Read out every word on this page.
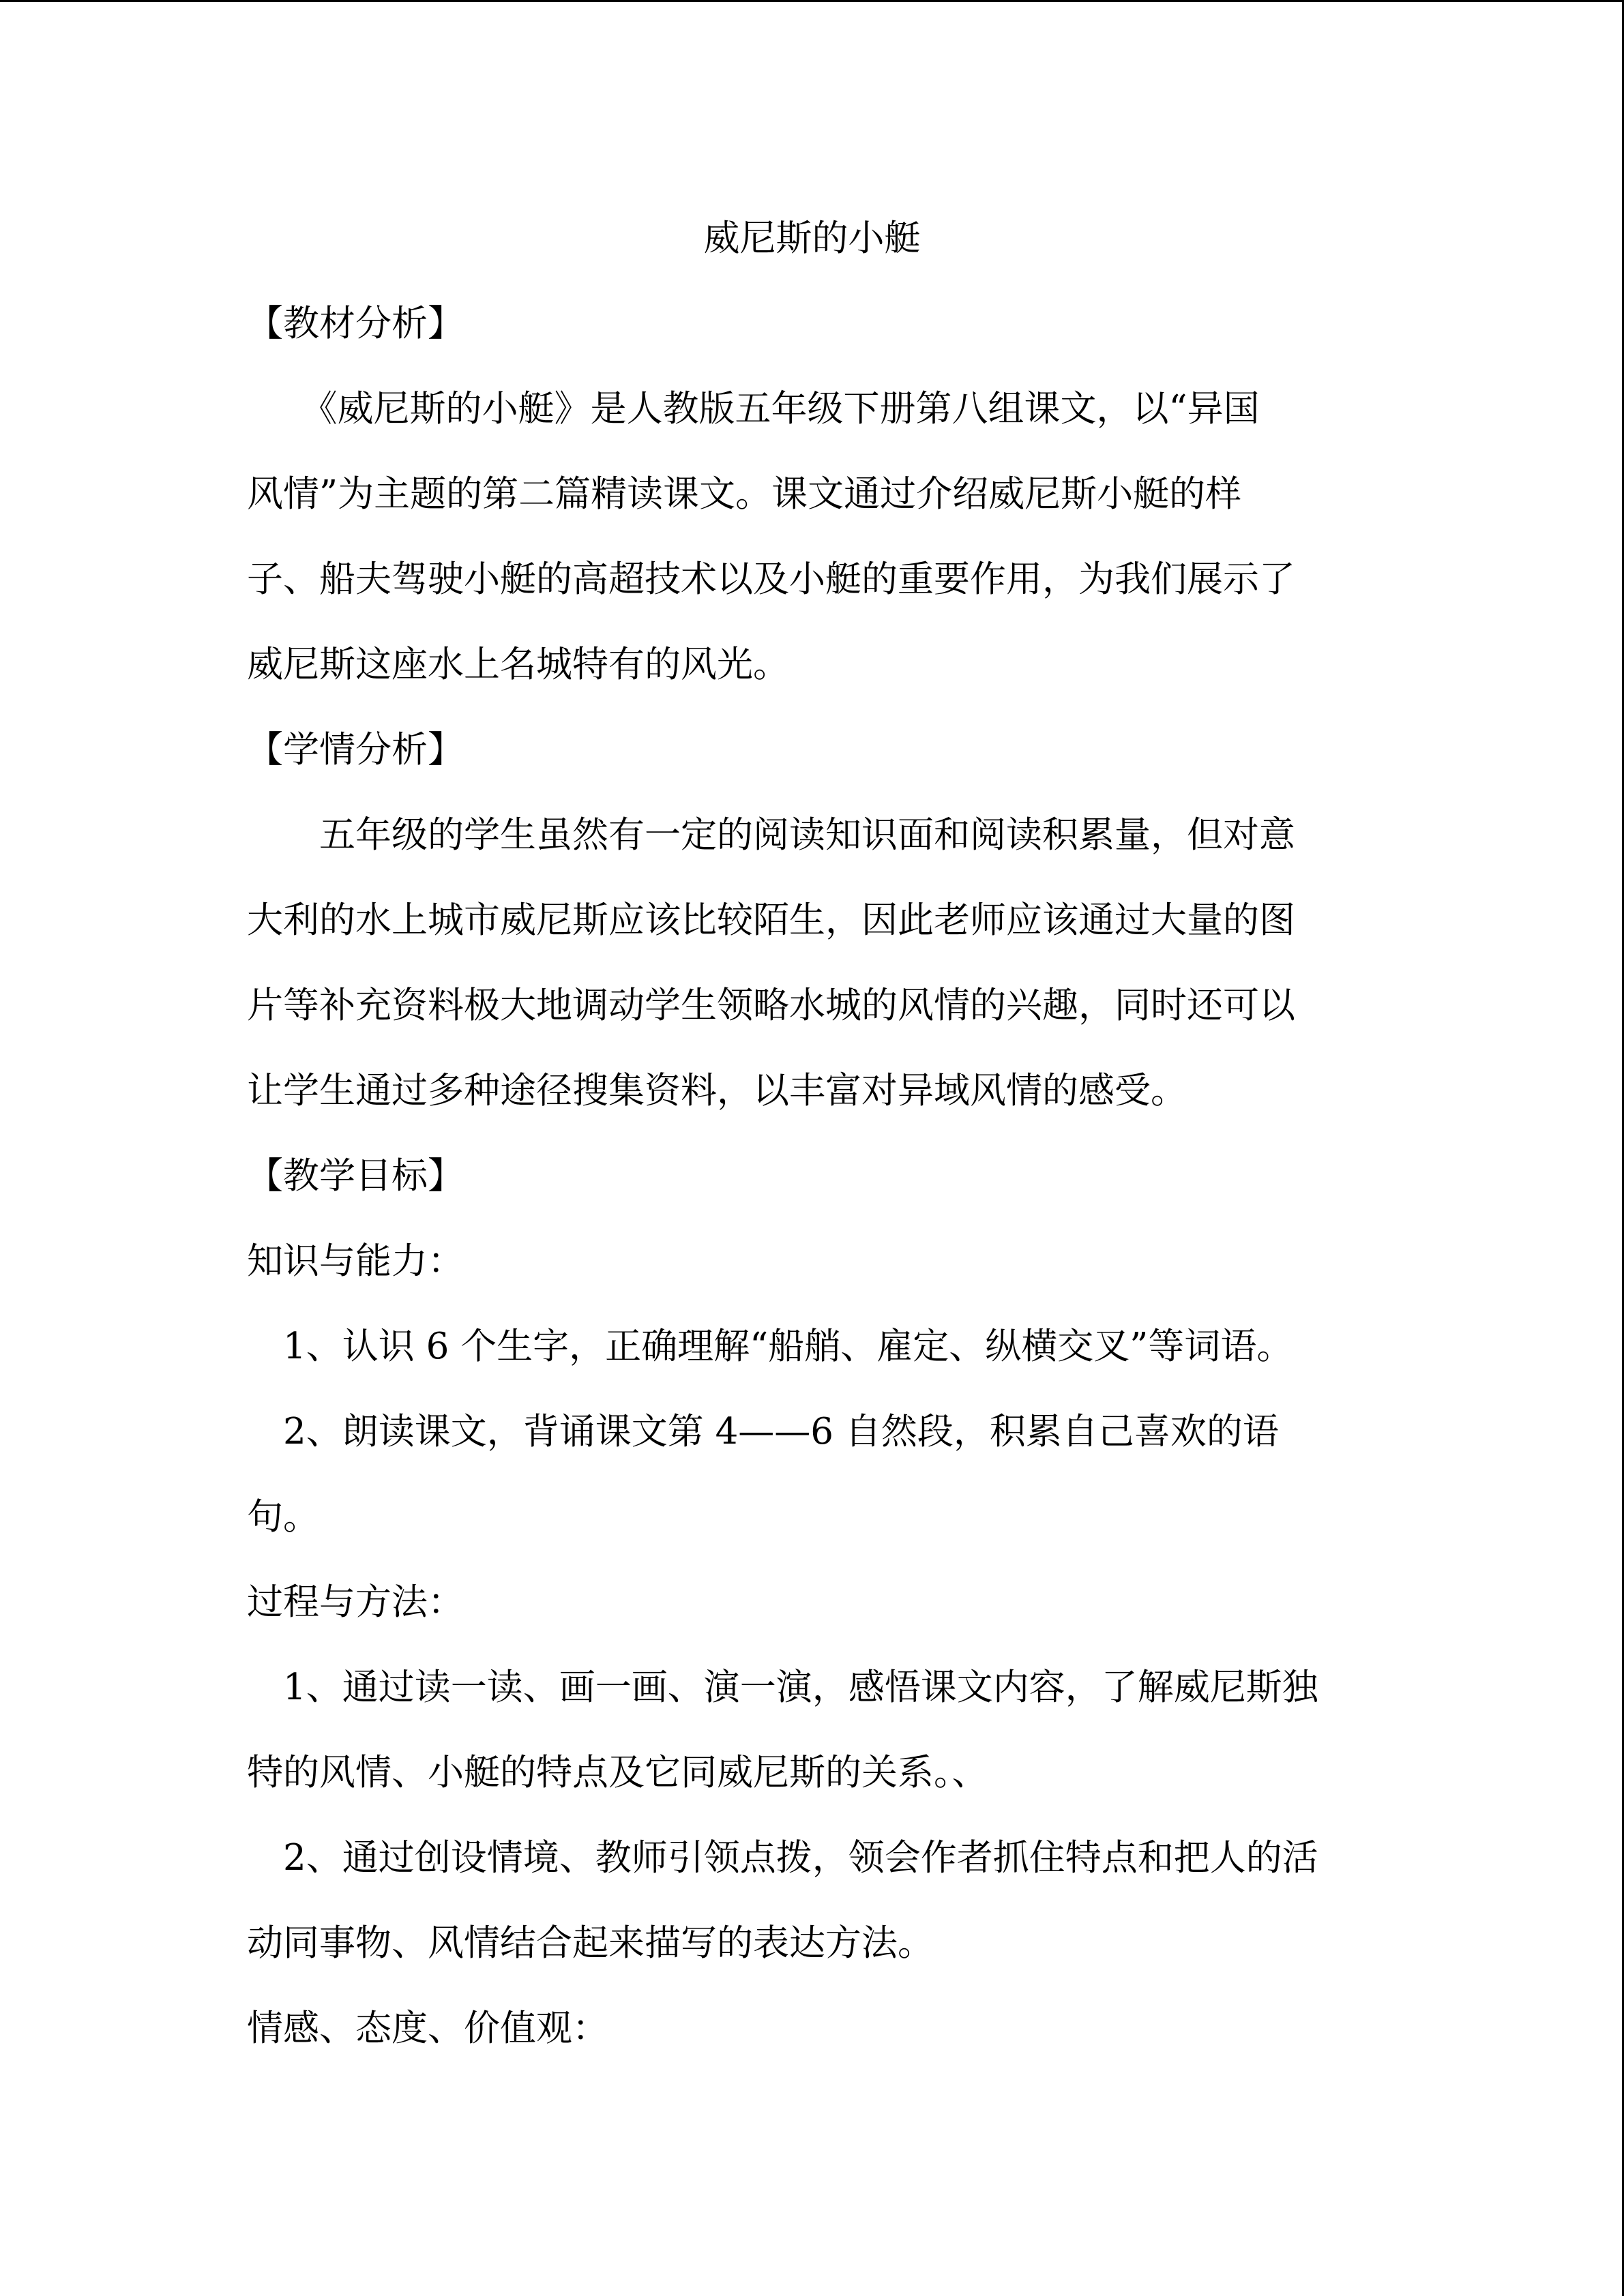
威尼斯的小艇
【教材分析】
　　《威尼斯的小艇》是人教版五年级下册第八组课文，以“异国
风情”为主题的第二篇精读课文。课文通过介绍威尼斯小艇的样
子、船夫驾驶小艇的高超技术以及小艇的重要作用，为我们展示了
威尼斯这座水上名城特有的风光。
【学情分析】
　　五年级的学生虽然有一定的阅读知识面和阅读积累量，但对意
大利的水上城市威尼斯应该比较陌生，因此老师应该通过大量的图
片等补充资料极大地调动学生领略水城的风情的兴趣，同时还可以
让学生通过多种途径搜集资料，以丰富对异域风情的感受。
【教学目标】
知识与能力：
　1、认识 6 个生字，正确理解“船艄、雇定、纵横交叉”等词语。
　2、朗读课文，背诵课文第 4——6 自然段，积累自己喜欢的语
句。
过程与方法：
　1、通过读一读、画一画、演一演，感悟课文内容，了解威尼斯独
特的风情、小艇的特点及它同威尼斯的关系。、
　2、通过创设情境、教师引领点拨，领会作者抓住特点和把人的活
动同事物、风情结合起来描写的表达方法。
情感、态度、价值观：
